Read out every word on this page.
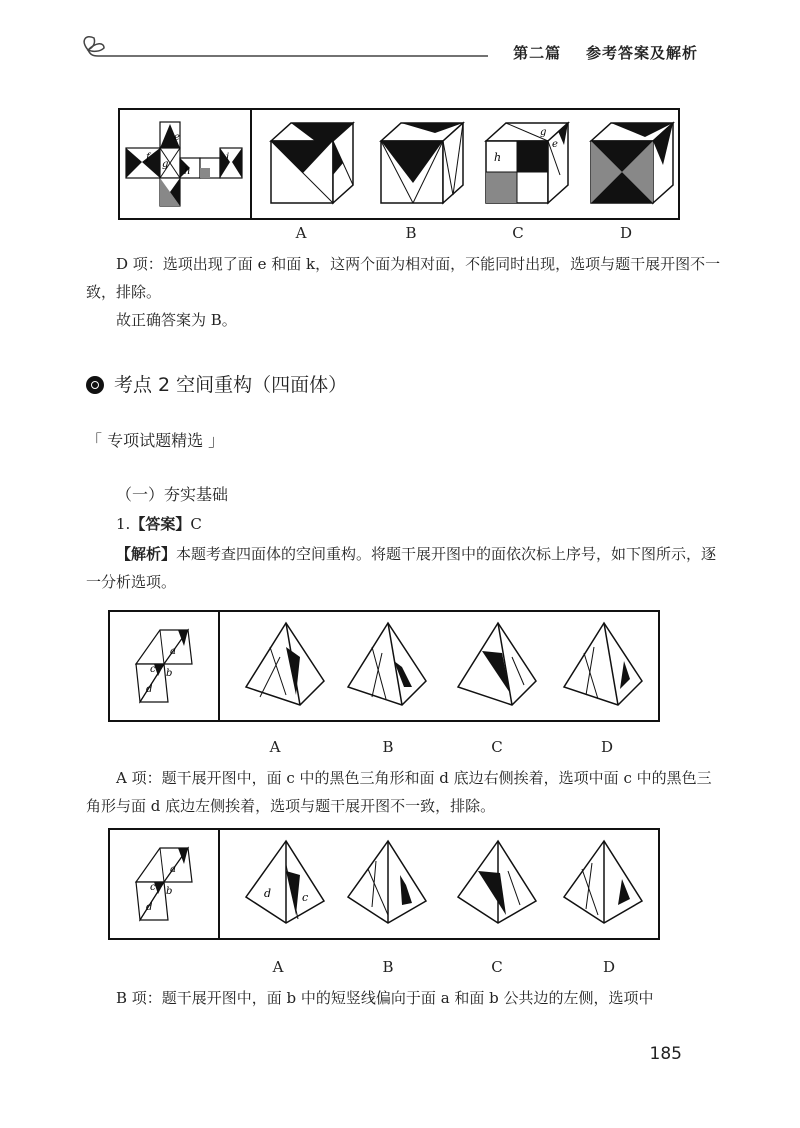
第二篇    参考答案及解析
e
f
g
h
i	h
g
e
A	B	C	D
D 项：选项出现了面 e 和面 k，这两个面为相对面，不能同时出现，选项与题干展开图不一致，排除。
故正确答案为 B。
考点 2 空间重构（四面体）
「 专项试题精选 」
（一）夯实基础
1.【答案】C
【解析】本题考查四面体的空间重构。将题干展开图中的面依次标上序号，如下图所示，逐一分析选项。
a
b
c
d
A	B	C	D
A 项：题干展开图中，面 c 中的黑色三角形和面 d 底边右侧挨着，选项中面 c 中的黑色三角形与面 d 底边左侧挨着，选项与题干展开图不一致，排除。
a
b
c
d
d	c
A	B	C	D
B 项：题干展开图中，面 b 中的短竖线偏向于面 a 和面 b 公共边的左侧，选项中
185
